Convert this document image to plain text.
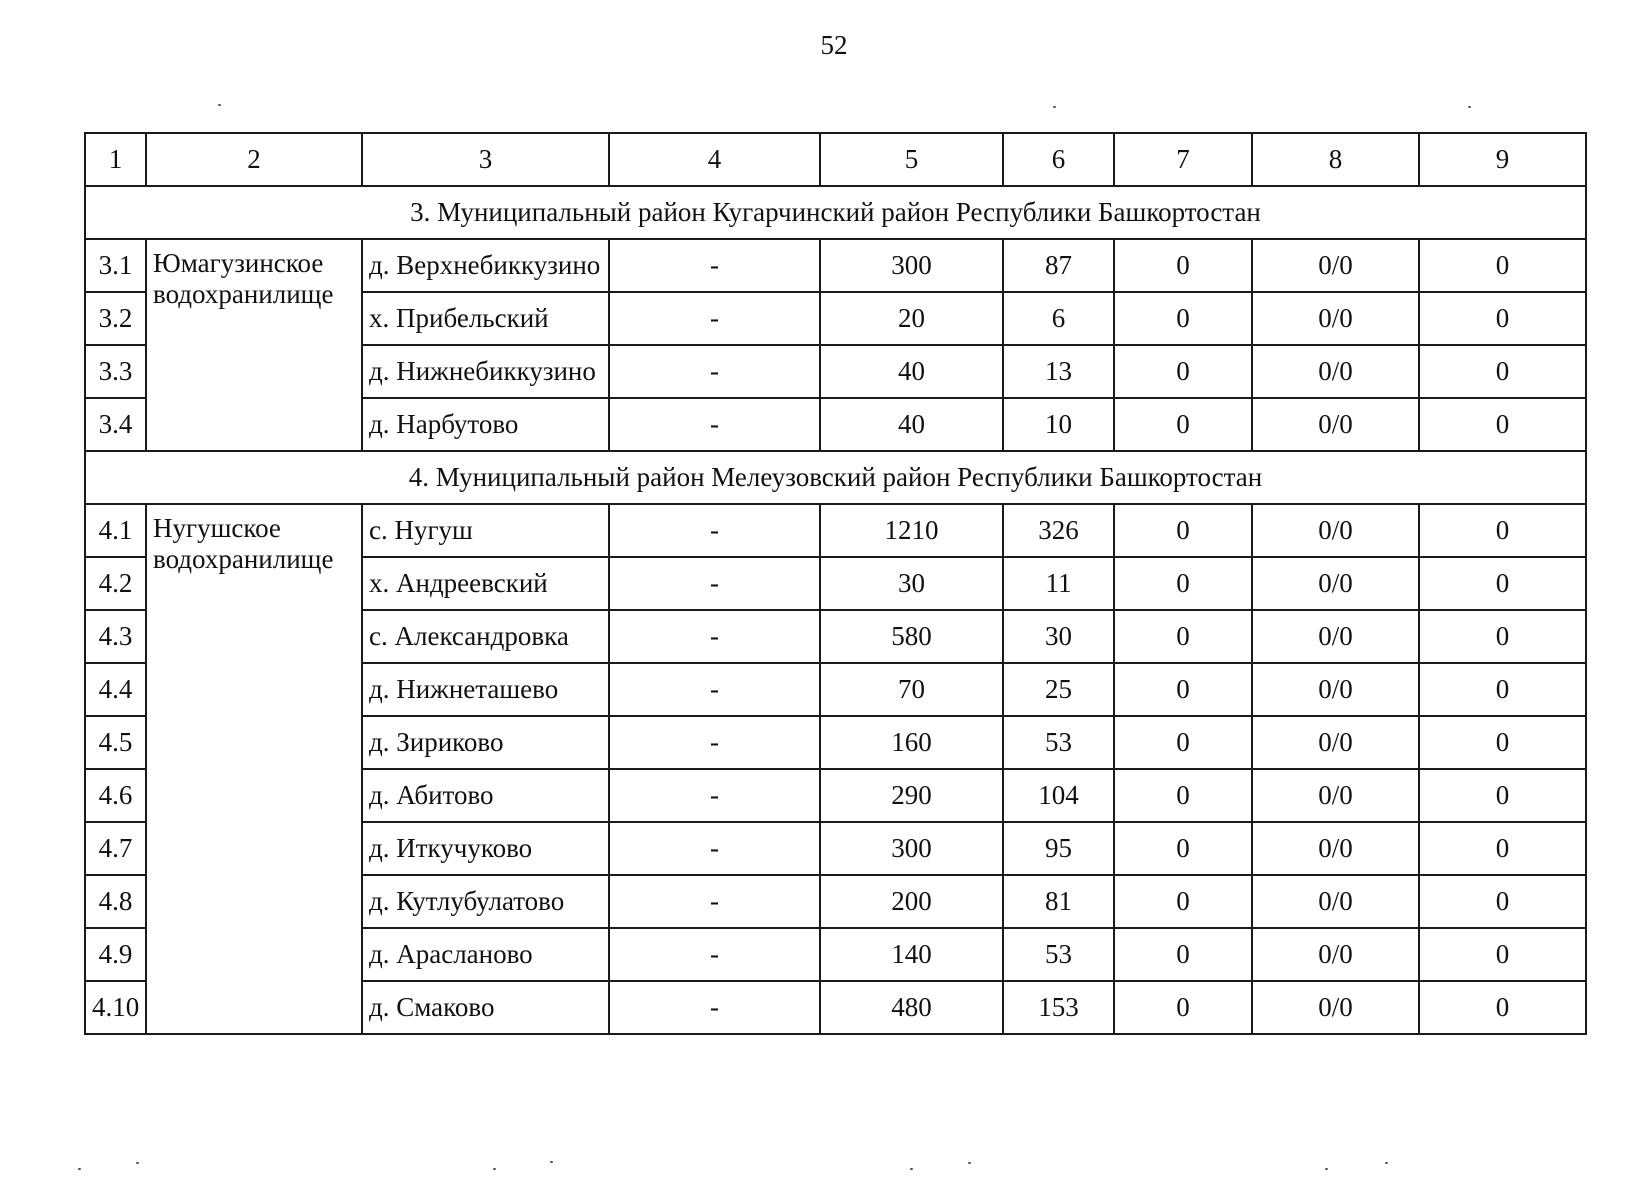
52
1	2	3	4	5	6	7	8	9
3. Муниципальный район Кугарчинский район Республики Башкортостан								
3.1	Юмагузинское водохранилище	д. Верхнебиккузино	-	300	87	0	0/0	0
3.2		х. Прибельский	-	20	6	0	0/0	0
3.3		д. Нижнебиккузино	-	40	13	0	0/0	0
3.4		д. Нарбутово	-	40	10	0	0/0	0
4. Муниципальный район Мелеузовский район Республики Башкортостан								
4.1	Нугушское водохранилище	с. Нугуш	-	1210	326	0	0/0	0
4.2		х. Андреевский	-	30	11	0	0/0	0
4.3		с. Александровка	-	580	30	0	0/0	0
4.4		д. Нижнеташево	-	70	25	0	0/0	0
4.5		д. Зириково	-	160	53	0	0/0	0
4.6		д. Абитово	-	290	104	0	0/0	0
4.7		д. Иткучуково	-	300	95	0	0/0	0
4.8		д. Кутлубулатово	-	200	81	0	0/0	0
4.9		д. Арасланово	-	140	53	0	0/0	0
4.10		д. Смаково	-	480	153	0	0/0	0
